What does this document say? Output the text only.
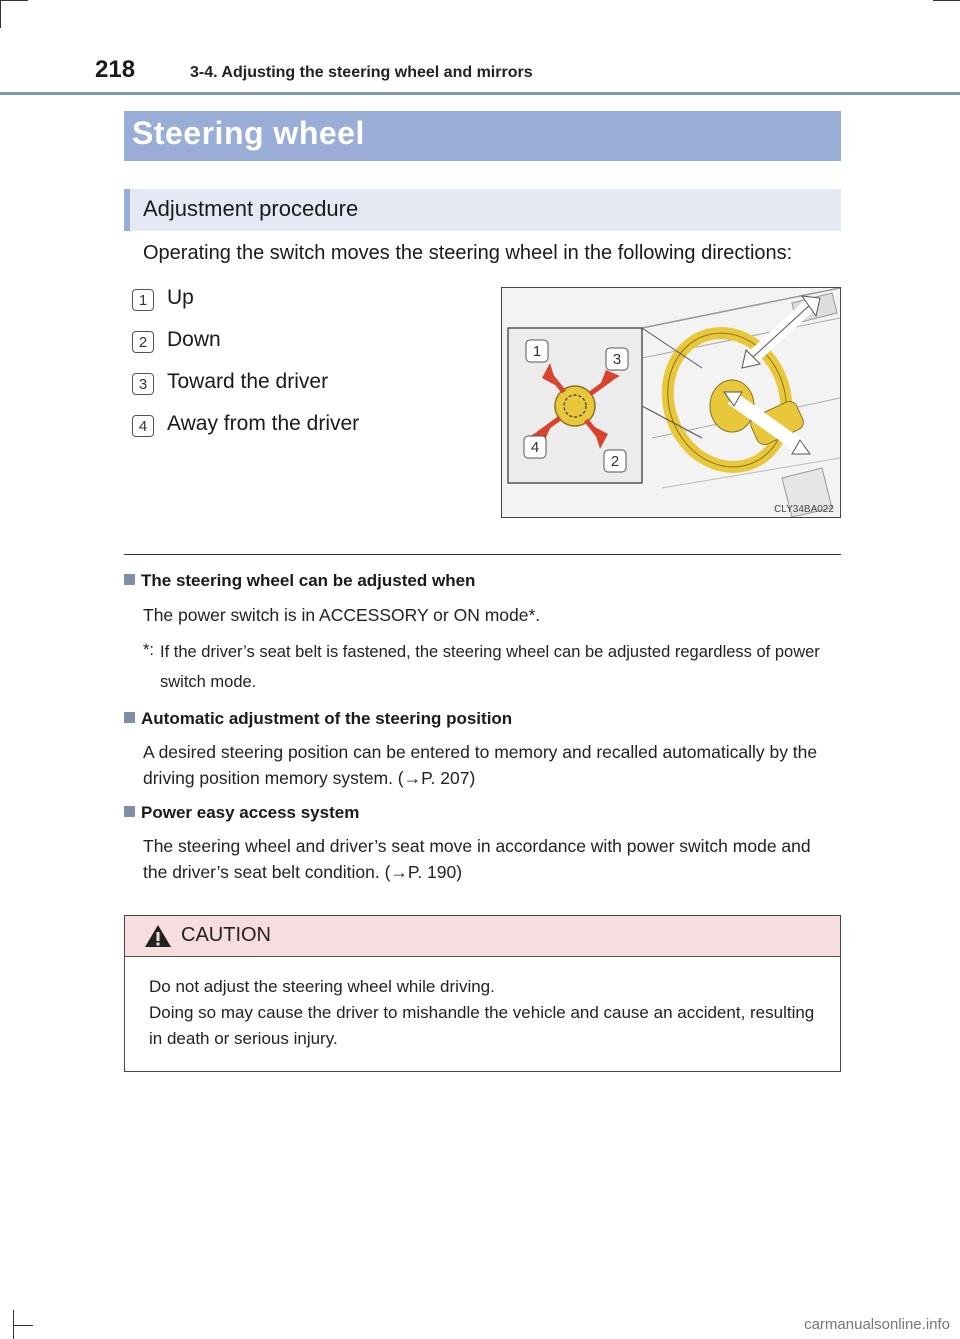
218	3-4. Adjusting the steering wheel and mirrors
Steering wheel
Adjustment procedure
Operating the switch moves the steering wheel in the following directions:
1 Up
2 Down
3 Toward the driver
4 Away from the driver
1	3
4
2
CLY34BA022
The steering wheel can be adjusted when
The power switch is in ACCESSORY or ON mode*.
*: If the driver’s seat belt is fastened, the steering wheel can be adjusted regardless of power switch mode.
Automatic adjustment of the steering position
A desired steering position can be entered to memory and recalled automatically by the driving position memory system. (→P. 207)
Power easy access system
The steering wheel and driver’s seat move in accordance with power switch mode and the driver’s seat belt condition. (→P. 190)
CAUTION
Do not adjust the steering wheel while driving.
Doing so may cause the driver to mishandle the vehicle and cause an accident, resulting in death or serious injury.
carmanualsonline.info
